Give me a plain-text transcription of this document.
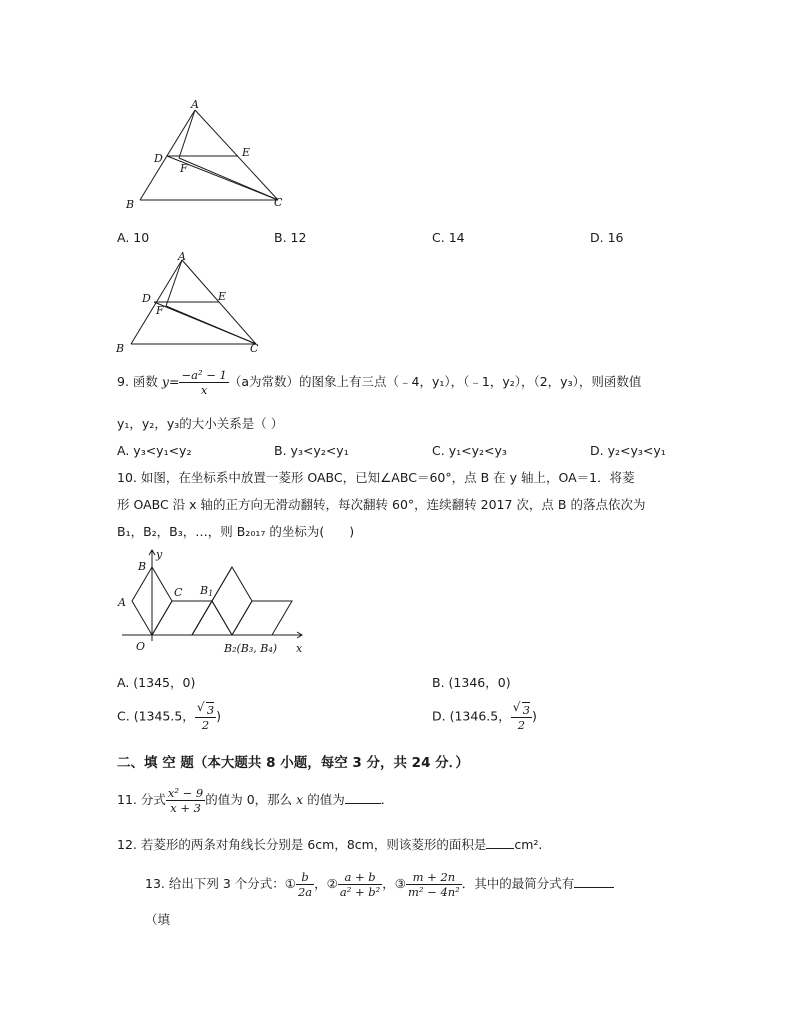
A
D	E
F
B	C
A. 10	B. 12	C. 14	D. 16
A
D	E
F
B	C
9. 函数 $y= \frac{\text{−a² − 1}}{x} (a$为常数）的图象上有三点（﹣4，y₁），（﹣1，y₂），（2，y₃），则函数值
y₁，y₂，y₃的大小关系是（ ）
A. y₃<y₁<y₂	B. y₃<y₂<y₁	C. y₁<y₂<y₃	D. y₂<y₃<y₁
10. 如图，在坐标系中放置一菱形 OABC，已知∠ABC＝60°，点 B 在 y 轴上，OA＝1．将菱
形 OABC 沿 x 轴的正方向无滑动翻转，每次翻转 60°，连续翻转 2017 次，点 B 的落点依次为
B₁，B₂，B₃，…，则 B₂₀₁₇ 的坐标为(　　)
y
B
A
C B1
O	B₂(B₃, B₄) x
A. (1345，0)	B. (1346，0)
C. (1345.5， √ $\frac{3}{2}$ )	D. (1346.5， √ $\frac{3}{2}$ )
二、填 空 题（本大题共 8 小题，每空 3 分，共 24 分．）
11. 分式 $\frac{\text{x² − 9}}{x + 3}$ 的值为 0，那么 x 的值为	．
12. 若菱形的两条对角线长分别是 6cm，8cm，则该菱形的面积是 cm².
13. 给出下列 3 个分式：① $\frac{b}{2a}$ ，② $\frac{a + b}{\text{a² + b²}}$ ，③ $\frac{m + 2n}{\text{m² − 4n²}}$ ．其中的最简分式有
（填
